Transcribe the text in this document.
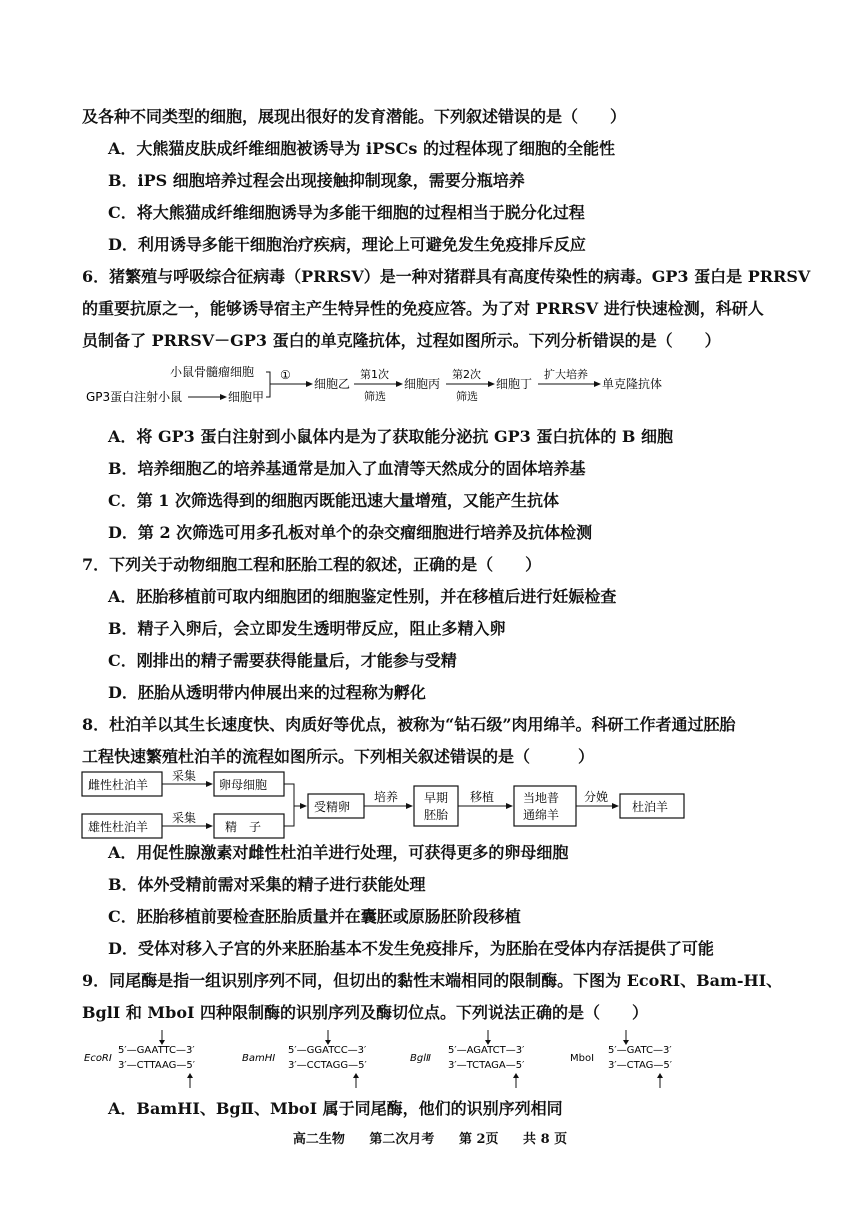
及各种不同类型的细胞，展现出很好的发育潜能。下列叙述错误的是（　　）
A．大熊猫皮肤成纤维细胞被诱导为 iPSCs 的过程体现了细胞的全能性
B．iPS 细胞培养过程会出现接触抑制现象，需要分瓶培养
C．将大熊猫成纤维细胞诱导为多能干细胞的过程相当于脱分化过程
D．利用诱导多能干细胞治疗疾病，理论上可避免发生免疫排斥反应
6．猪繁殖与呼吸综合征病毒（PRRSV）是一种对猪群具有高度传染性的病毒。GP3 蛋白是 PRRSV
的重要抗原之一，能够诱导宿主产生特异性的免疫应答。为了对 PRRSV 进行快速检测，科研人
员制备了 PRRSV－GP3 蛋白的单克隆抗体，过程如图所示。下列分析错误的是（　　）
小鼠骨髓瘤细胞
GP3蛋白注射小鼠	细胞甲
①
细胞乙
第1次
筛选
细胞丙
第2次
筛选
细胞丁
扩大培养
单克隆抗体
A．将 GP3 蛋白注射到小鼠体内是为了获取能分泌抗 GP3 蛋白抗体的 B 细胞
B．培养细胞乙的培养基通常是加入了血清等天然成分的固体培养基
C．第 1 次筛选得到的细胞丙既能迅速大量增殖，又能产生抗体
D．第 2 次筛选可用多孔板对单个的杂交瘤细胞进行培养及抗体检测
7．下列关于动物细胞工程和胚胎工程的叙述，正确的是（　　）
A．胚胎移植前可取内细胞团的细胞鉴定性别，并在移植后进行妊娠检查
B．精子入卵后，会立即发生透明带反应，阻止多精入卵
C．刚排出的精子需要获得能量后，才能参与受精
D．胚胎从透明带内伸展出来的过程称为孵化
8．杜泊羊以其生长速度快、肉质好等优点，被称为“钻石级”肉用绵羊。科研工作者通过胚胎
工程快速繁殖杜泊羊的流程如图所示。下列相关叙述错误的是（　　　）
雌性杜泊羊
雄性杜泊羊
采集
采集
卵母细胞
精　子
受精卵
培养 早期
胚胎
移植 当地普
通绵羊
分娩
杜泊羊
A．用促性腺激素对雌性杜泊羊进行处理，可获得更多的卵母细胞
B．体外受精前需对采集的精子进行获能处理
C．胚胎移植前要检查胚胎质量并在囊胚或原肠胚阶段移植
D．受体对移入子宫的外来胚胎基本不发生免疫排斥，为胚胎在受体内存活提供了可能
9．同尾酶是指一组识别序列不同，但切出的黏性末端相同的限制酶。下图为 EcoRI、Bam-HI、
BglI 和 MboI 四种限制酶的识别序列及酶切位点。下列说法正确的是（　　）
EcoRⅠ
5′—GAATTC—3′
3′—CTTAAG—5′
BamHⅠ
5′—GGATCC—3′
3′—CCTAGG—5′
BglⅡ
5′—AGATCT—3′
3′—TCTAGA—5′
MboⅠ
5′—GATC—3′
3′—CTAG—5′
A．BamHI、BgⅡ、MboI 属于同尾酶，他们的识别序列相同
高二生物 第二次月考 第 2页 共 8 页
